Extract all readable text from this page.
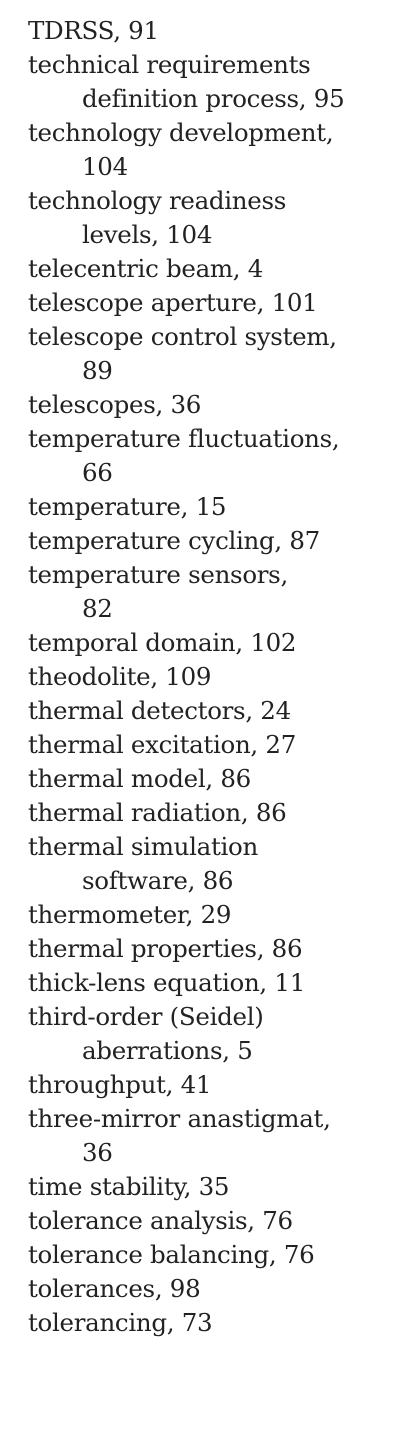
TDRSS, 91
technical requirements
definition process, 95
technology development,
104
technology readiness
levels, 104
telecentric beam, 4
telescope aperture, 101
telescope control system,
89
telescopes, 36
temperature fluctuations,
66
temperature, 15
temperature cycling, 87
temperature sensors,
82
temporal domain, 102
theodolite, 109
thermal detectors, 24
thermal excitation, 27
thermal model, 86
thermal radiation, 86
thermal simulation
software, 86
thermometer, 29
thermal properties, 86
thick-lens equation, 11
third-order (Seidel)
aberrations, 5
throughput, 41
three-mirror anastigmat,
36
time stability, 35
tolerance analysis, 76
tolerance balancing, 76
tolerances, 98
tolerancing, 73
